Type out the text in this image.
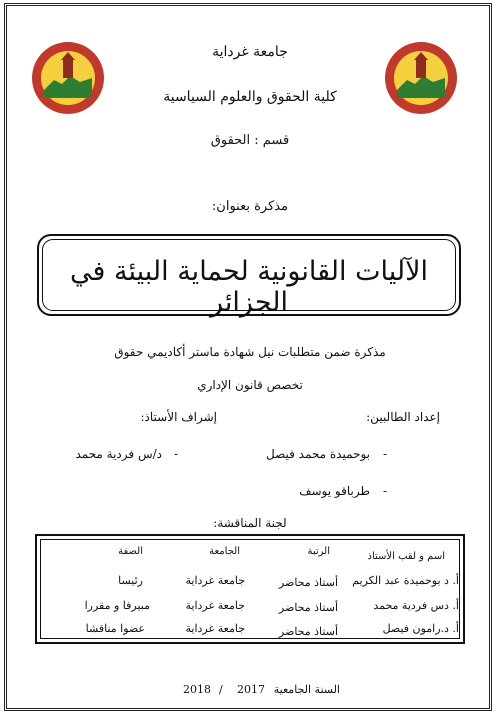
جامعة غرداية
كلية الحقوق والعلوم السياسية
قسم : الحقوق
مذكرة بعنوان:
الآليات القانونية لحماية البيئة في الجزائر
مذكرة ضمن متطلبات نيل شهادة ماستر أكاديمي حقوق
تخصص قانون الإداري
إعداد الطالبين:
إشراف الأستاذ:
بوحميدة محمد فيصل -
د/س فردية محمد -
طرباقو يوسف -
لجنة المناقشة:
اسم و لقب الأستاذ
الرتبة
الجامعة
الصفة
أ. د بوحميدة عبد الكريم
أستاذ محاضر
جامعة غرداية
رئيسا
أ. دس فردية محمد
أستاذ محاضر
جامعة غرداية
مبيرفا و مقررا
أ. د.رامون فيصل
أستاذ محاضر
جامعة غرداية
عضوا مناقشا
السنة الجامعية
2017
/
2018
